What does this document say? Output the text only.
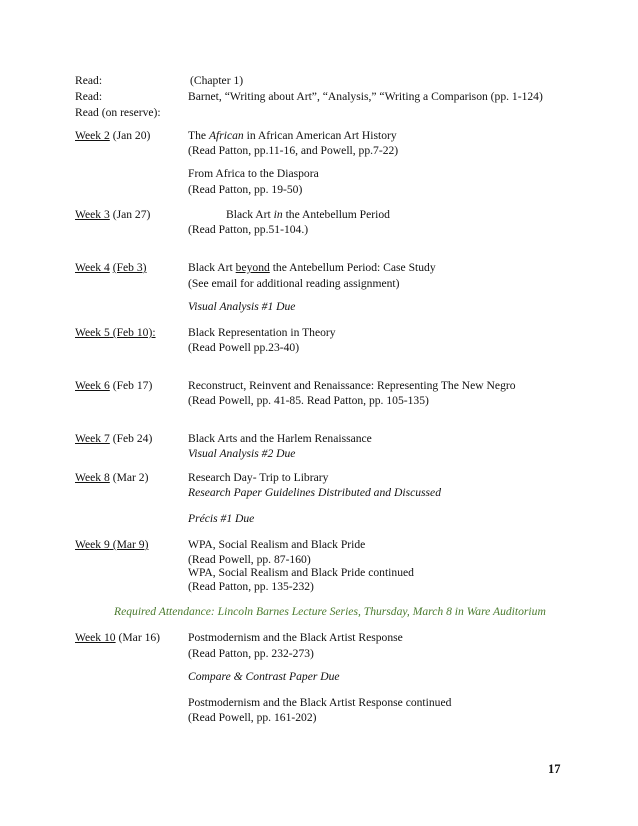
Read:	(Chapter 1)
Read:	Barnet, “Writing about Art”, “Analysis,” “Writing a Comparison (pp. 1-124)
Read (on reserve):
Week 2 (Jan 20)	The African in African American Art History
(Read Patton, pp.11-16, and Powell, pp.7-22)
From Africa to the Diaspora
(Read Patton, pp. 19-50)
Week 3 (Jan 27)	Black Art in the Antebellum Period
(Read Patton, pp.51-104.)
Week 4 (Feb 3)	Black Art beyond the Antebellum Period: Case Study
(See email for additional reading assignment)
Visual Analysis #1 Due
Week 5 (Feb 10):	Black Representation in Theory
(Read Powell pp.23-40)
Week 6 (Feb 17)	Reconstruct, Reinvent and Renaissance: Representing The New Negro
(Read Powell, pp. 41-85. Read Patton, pp. 105-135)
Week 7 (Feb 24)	Black Arts and the Harlem Renaissance
Visual Analysis #2 Due
Week 8 (Mar 2)	Research Day- Trip to Library
Research Paper Guidelines Distributed and Discussed
Précis #1 Due
Week 9 (Mar 9)	WPA, Social Realism and Black Pride
(Read Powell, pp. 87-160)
WPA, Social Realism and Black Pride continued
(Read Patton, pp. 135-232)
Required Attendance: Lincoln Barnes Lecture Series, Thursday, March 8 in Ware Auditorium
Week 10 (Mar 16) Postmodernism and the Black Artist Response
(Read Patton, pp. 232-273)
Compare & Contrast Paper Due
Postmodernism and the Black Artist Response continued
(Read Powell, pp. 161-202)
17
